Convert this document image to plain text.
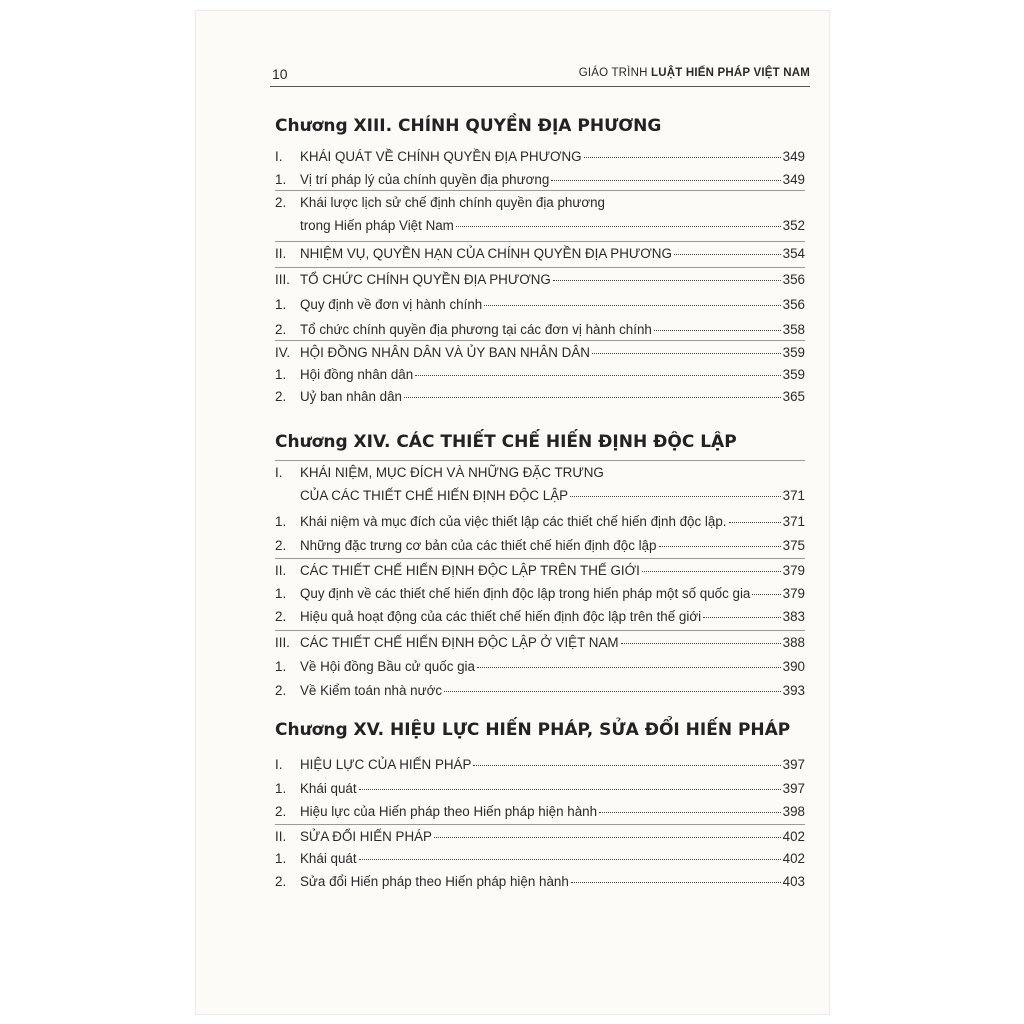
10	GIÁO TRÌNH LUẬT HIẾN PHÁP VIỆT NAM
Chương XIII. CHÍNH QUYỀN ĐỊA PHƯƠNG
I.	KHÁI QUÁT VỀ CHÍNH QUYỀN ĐỊA PHƯƠNG	349
1.	Vị trí pháp lý của chính quyền địa phương	349
2.	Khái lược lịch sử chế định chính quyền địa phương
trong Hiến pháp Việt Nam	352
II.	NHIỆM VỤ, QUYỀN HẠN CỦA CHÍNH QUYỀN ĐỊA PHƯƠNG	354
III. TỔ CHỨC CHÍNH QUYỀN ĐỊA PHƯƠNG	356
1.	Quy định về đơn vị hành chính	356
2.	Tổ chức chính quyền địa phương tại các đơn vị hành chính	358
IV. HỘI ĐỒNG NHÂN DÂN VÀ ỦY BAN NHÂN DÂN	359
1.	Hội đồng nhân dân	359
2.	Uỷ ban nhân dân	365
Chương XIV. CÁC THIẾT CHẾ HIẾN ĐỊNH ĐỘC LẬP
I.	KHÁI NIỆM, MỤC ĐÍCH VÀ NHỮNG ĐẶC TRƯNG
CỦA CÁC THIẾT CHẾ HIẾN ĐỊNH ĐỘC LẬP	371
1.	Khái niệm và mục đích của việc thiết lập các thiết chế hiến định độc lập.	371
2.	Những đặc trưng cơ bản của các thiết chế hiến định độc lập	375
II.	CÁC THIẾT CHẾ HIẾN ĐỊNH ĐỘC LẬP TRÊN THẾ GIỚI	379
1.	Quy định về các thiết chế hiến định độc lập trong hiến pháp một số quốc gia 379
2.	Hiệu quả hoạt động của các thiết chế hiến định độc lập trên thế giới	383
III. CÁC THIẾT CHẾ HIẾN ĐỊNH ĐỘC LẬP Ở VIỆT NAM	388
1.	Về Hội đồng Bầu cử quốc gia	390
2.	Về Kiểm toán nhà nước	393
Chương XV. HIỆU LỰC HIẾN PHÁP, SỬA ĐỔI HIẾN PHÁP
I.	HIỆU LỰC CỦA HIẾN PHÁP	397
1.	Khái quát	397
2.	Hiệu lực của Hiến pháp theo Hiến pháp hiện hành	398
II.	SỬA ĐỔI HIẾN PHÁP	402
1.	Khái quát	402
2.	Sửa đổi Hiến pháp theo Hiến pháp hiện hành	403
